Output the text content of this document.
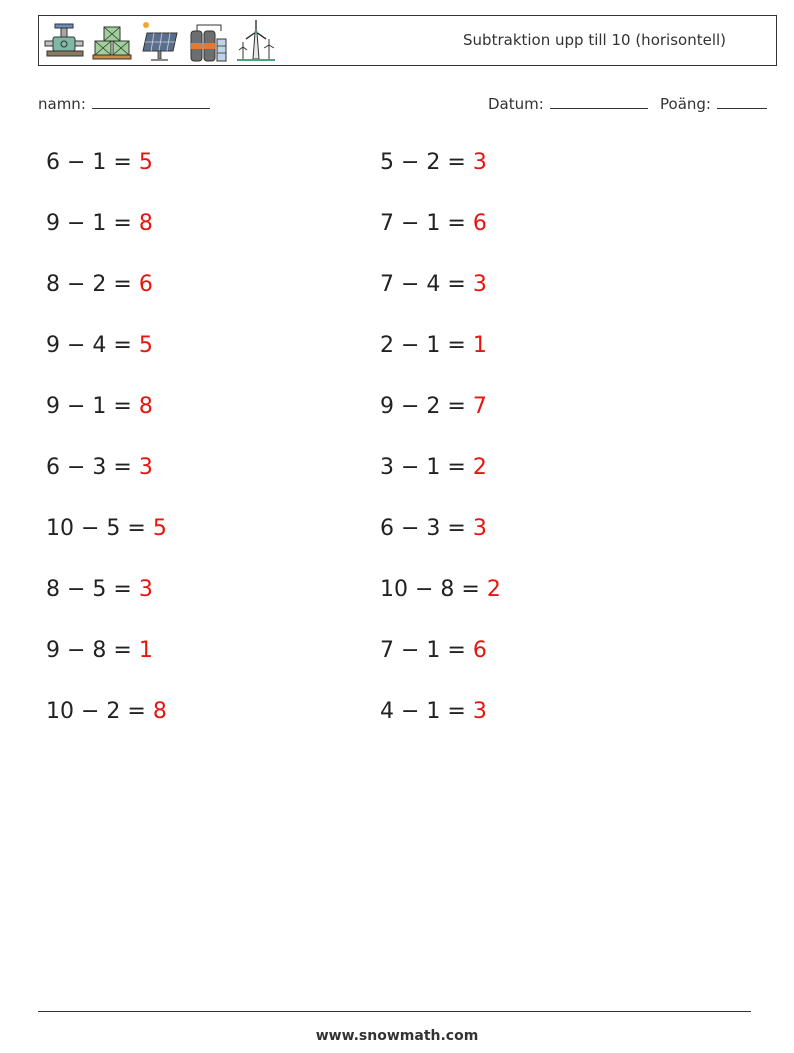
Subtraktion upp till 10 (horisontell)
namn:	Datum:	Poäng:
6 − 1 = 5
9 − 1 = 8
8 − 2 = 6
9 − 4 = 5
9 − 1 = 8
6 − 3 = 3
10 − 5 = 5
8 − 5 = 3
9 − 8 = 1
10 − 2 = 8
5 − 2 = 3
7 − 1 = 6
7 − 4 = 3
2 − 1 = 1
9 − 2 = 7
3 − 1 = 2
6 − 3 = 3
10 − 8 = 2
7 − 1 = 6
4 − 1 = 3
www.snowmath.com
